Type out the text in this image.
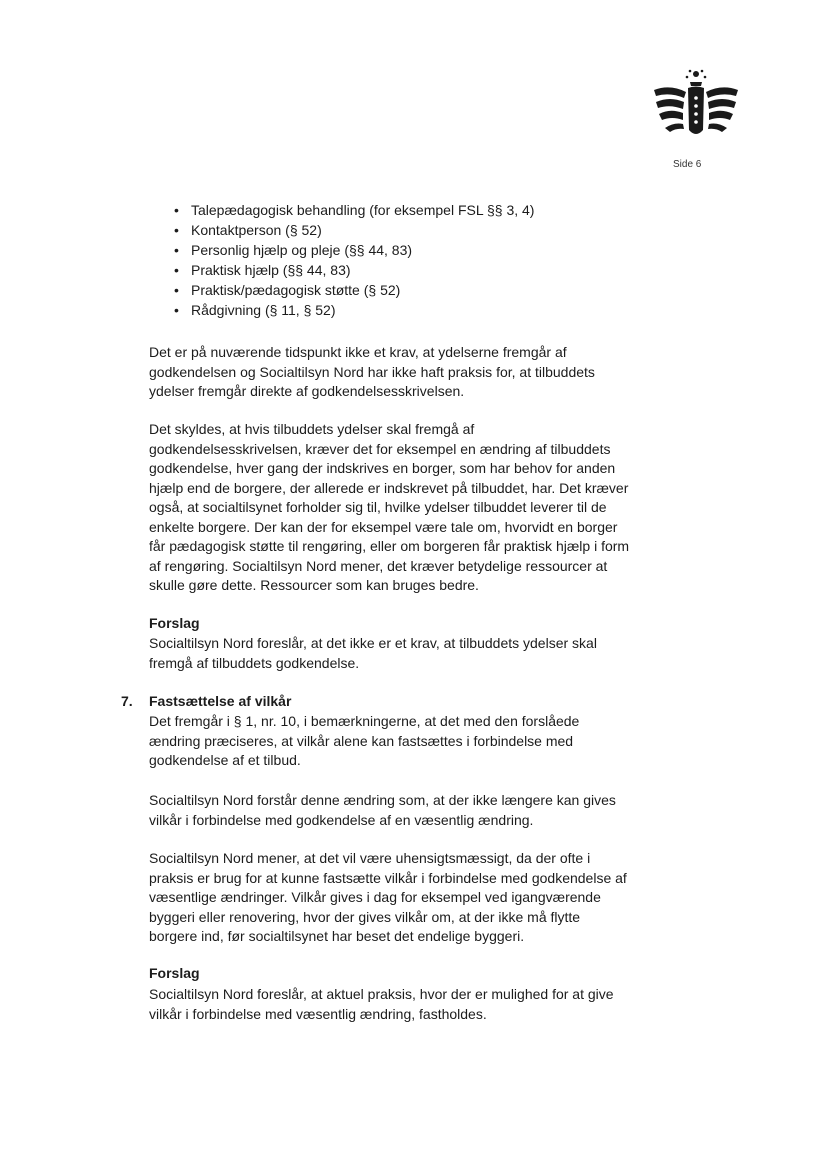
Side 6
• Talepædagogisk behandling (for eksempel FSL §§ 3, 4)
• Kontaktperson (§ 52)
• Personlig hjælp og pleje (§§ 44, 83)
• Praktisk hjælp (§§ 44, 83)
• Praktisk/pædagogisk støtte (§ 52)
• Rådgivning (§ 11, § 52)

Det er på nuværende tidspunkt ikke et krav, at ydelserne fremgår af
godkendelsen og Socialtilsyn Nord har ikke haft praksis for, at tilbuddets
ydelser fremgår direkte af godkendelsesskrivelsen.

Det skyldes, at hvis tilbuddets ydelser skal fremgå af
godkendelsesskrivelsen, kræver det for eksempel en ændring af tilbuddets
godkendelse, hver gang der indskrives en borger, som har behov for anden
hjælp end de borgere, der allerede er indskrevet på tilbuddet, har. Det kræver
også, at socialtilsynet forholder sig til, hvilke ydelser tilbuddet leverer til de
enkelte borgere. Der kan der for eksempel være tale om, hvorvidt en borger
får pædagogisk støtte til rengøring, eller om borgeren får praktisk hjælp i form
af rengøring. Socialtilsyn Nord mener, det kræver betydelige ressourcer at
skulle gøre dette. Ressourcer som kan bruges bedre.

Forslag

Socialtilsyn Nord foreslår, at det ikke er et krav, at tilbuddets ydelser skal
fremgå af tilbuddets godkendelse.

7. Fastsættelse af vilkår

Det fremgår i § 1, nr. 10, i bemærkningerne, at det med den forslåede
ændring præciseres, at vilkår alene kan fastsættes i forbindelse med
godkendelse af et tilbud.

Socialtilsyn Nord forstår denne ændring som, at der ikke længere kan gives
vilkår i forbindelse med godkendelse af en væsentlig ændring.

Socialtilsyn Nord mener, at det vil være uhensigtsmæssigt, da der ofte i
praksis er brug for at kunne fastsætte vilkår i forbindelse med godkendelse af
væsentlige ændringer. Vilkår gives i dag for eksempel ved igangværende
byggeri eller renovering, hvor der gives vilkår om, at der ikke må flytte
borgere ind, før socialtilsynet har beset det endelige byggeri.

Forslag

Socialtilsyn Nord foreslår, at aktuel praksis, hvor der er mulighed for at give
vilkår i forbindelse med væsentlig ændring, fastholdes.
